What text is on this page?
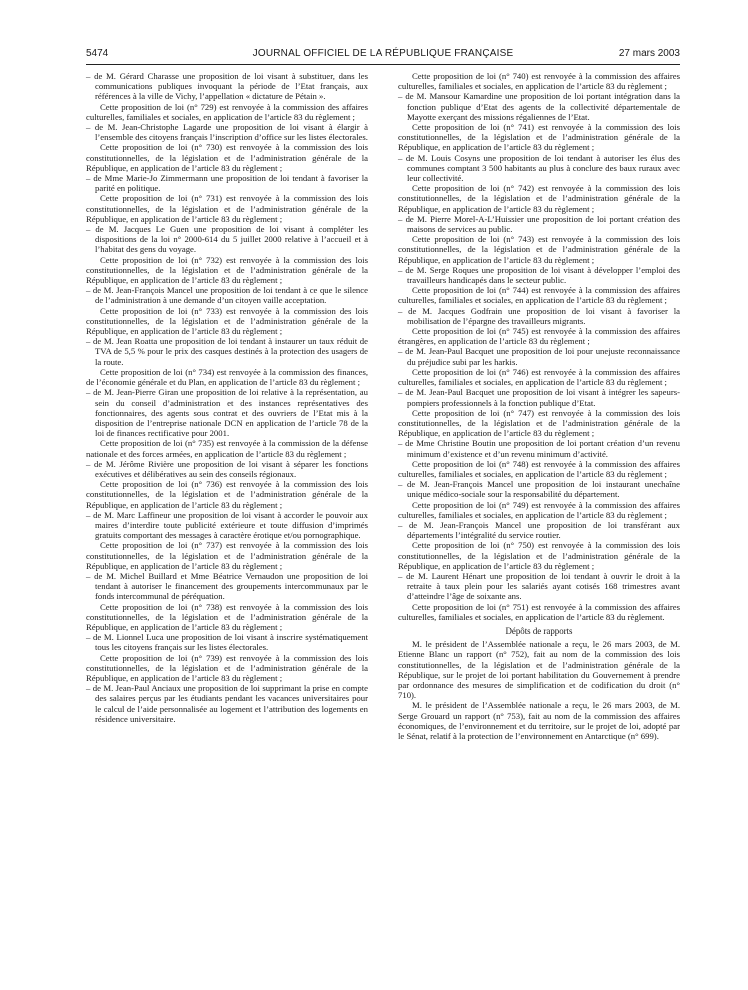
5474	JOURNAL OFFICIEL DE LA RÉPUBLIQUE FRANÇAISE	27 mars 2003

– de M. Gérard Charasse une proposition de loi visant à substituer, dans les communications publiques invoquant la période de l’Etat français, aux références à la ville de Vichy, l’appellation « dictature de Pétain ».

Cette proposition de loi (n° 729) est renvoyée à la commission des affaires culturelles, familiales et sociales, en application de l’article 83 du règlement ;

– de M. Jean-Christophe Lagarde une proposition de loi visant à élargir à l’ensemble des citoyens français l’inscription d’office sur les listes électorales.

Cette proposition de loi (n° 730) est renvoyée à la commission des lois constitutionnelles, de la législation et de l’administration générale de la République, en application de l’article 83 du règlement ;

– de Mme Marie-Jo Zimmermann une proposition de loi tendant à favoriser la parité en politique.

Cette proposition de loi (n° 731) est renvoyée à la commission des lois constitutionnelles, de la législation et de l’administration générale de la République, en application de l’article 83 du règlement ;

– de M. Jacques Le Guen une proposition de loi visant à compléter les dispositions de la loi n° 2000-614 du 5 juillet 2000 relative à l’accueil et à l’habitat des gens du voyage.

Cette proposition de loi (n° 732) est renvoyée à la commission des lois constitutionnelles, de la législation et de l’administration générale de la République, en application de l’article 83 du règlement ;

– de M. Jean-François Mancel une proposition de loi tendant à ce que le silence de l’administration à une demande d’un citoyen vaille acceptation.

Cette proposition de loi (n° 733) est renvoyée à la commission des lois constitutionnelles, de la législation et de l’administration générale de la République, en application de l’article 83 du règlement ;

– de M. Jean Roatta une proposition de loi tendant à instaurer un taux réduit de TVA de 5,5 % pour le prix des casques destinés à la protection des usagers de la route.

Cette proposition de loi (n° 734) est renvoyée à la commission des finances, de l’économie générale et du Plan, en application de l’article 83 du règlement ;

– de M. Jean-Pierre Giran une proposition de loi relative à la représentation, au sein du conseil d’administration et des instances représentatives des fonctionnaires, des agents sous contrat et des ouvriers de l’Etat mis à la disposition de l’entreprise nationale DCN en application de l’article 78 de la loi de finances rectificative pour 2001.

Cette proposition de loi (n° 735) est renvoyée à la commission de la défense nationale et des forces armées, en application de l’article 83 du règlement ;

– de M. Jérôme Rivière une proposition de loi visant à séparer les fonctions exécutives et délibératives au sein des conseils régionaux.

Cette proposition de loi (n° 736) est renvoyée à la commission des lois constitutionnelles, de la législation et de l’administration générale de la République, en application de l’article 83 du règlement ;

– de M. Marc Laffineur une proposition de loi visant à accorder le pouvoir aux maires d’interdire toute publicité extérieure et toute diffusion d’imprimés gratuits comportant des messages à caractère érotique et/ou pornographique.

Cette proposition de loi (n° 737) est renvoyée à la commission des lois constitutionnelles, de la législation et de l’administration générale de la République, en application de l’article 83 du règlement ;

– de M. Michel Buillard et Mme Béatrice Vernaudon une proposition de loi tendant à autoriser le financement des groupements intercommunaux par le fonds intercommunal de péréquation.

Cette proposition de loi (n° 738) est renvoyée à la commission des lois constitutionnelles, de la législation et de l’administration générale de la République, en application de l’article 83 du règlement ;

– de M. Lionnel Luca une proposition de loi visant à inscrire systématiquement tous les citoyens français sur les listes électorales.

Cette proposition de loi (n° 739) est renvoyée à la commission des lois constitutionnelles, de la législation et de l’administration générale de la République, en application de l’article 83 du règlement ;

– de M. Jean-Paul Anciaux une proposition de loi supprimant la prise en compte des salaires perçus par les étudiants pendant les vacances universitaires pour le calcul de l’aide personnalisée au logement et l’attribution des logements en résidence universitaire.

Cette proposition de loi (n° 740) est renvoyée à la commission des affaires culturelles, familiales et sociales, en application de l’article 83 du règlement ;

– de M. Mansour Kamardine une proposition de loi portant intégration dans la fonction publique d’Etat des agents de la collectivité départementale de Mayotte exerçant des missions régaliennes de l’Etat.

Cette proposition de loi (n° 741) est renvoyée à la commission des lois constitutionnelles, de la législation et de l’administration générale de la République, en application de l’article 83 du règlement ;

– de M. Louis Cosyns une proposition de loi tendant à autoriser les élus des communes comptant 3 500 habitants au plus à conclure des baux ruraux avec leur collectivité.

Cette proposition de loi (n° 742) est renvoyée à la commission des lois constitutionnelles, de la législation et de l’administration générale de la République, en application de l’article 83 du règlement ;

– de M. Pierre Morel-A-L’Huissier une proposition de loi portant création des maisons de services au public.

Cette proposition de loi (n° 743) est renvoyée à la commission des lois constitutionnelles, de la législation et de l’administration générale de la République, en application de l’article 83 du règlement ;

– de M. Serge Roques une proposition de loi visant à développer l’emploi des travailleurs handicapés dans le secteur public.

Cette proposition de loi (n° 744) est renvoyée à la commission des affaires culturelles, familiales et sociales, en application de l’article 83 du règlement ;

– de M. Jacques Godfrain une proposition de loi visant à favoriser la mobilisation de l’épargne des travailleurs migrants.

Cette proposition de loi (n° 745) est renvoyée à la commission des affaires étrangères, en application de l’article 83 du règlement ;

– de M. Jean-Paul Bacquet une proposition de loi pour unejuste reconnaissance du préjudice subi par les harkis.

Cette proposition de loi (n° 746) est renvoyée à la commission des affaires culturelles, familiales et sociales, en application de l’article 83 du règlement ;

– de M. Jean-Paul Bacquet une proposition de loi visant à intégrer les sapeurs-pompiers professionnels à la fonction publique d’Etat.

Cette proposition de loi (n° 747) est renvoyée à la commission des lois constitutionnelles, de la législation et de l’administration générale de la République, en application de l’article 83 du règlement ;

– de Mme Christine Boutin une proposition de loi portant création d’un revenu minimum d’existence et d’un revenu minimum d’activité.

Cette proposition de loi (n° 748) est renvoyée à la commission des affaires culturelles, familiales et sociales, en application de l’article 83 du règlement ;

– de M. Jean-François Mancel une proposition de loi instaurant unechaîne unique médico-sociale sour la responsabilité du département.

Cette proposition de loi (n° 749) est renvoyée à la commission des affaires culturelles, familiales et sociales, en application de l’article 83 du règlement ;

– de M. Jean-François Mancel une proposition de loi transférant aux départements l’intégralité du service routier.

Cette proposition de loi (n° 750) est renvoyée à la commission des lois constitutionnelles, de la législation et de l’administration générale de la République, en application de l’article 83 du règlement ;

– de M. Laurent Hénart une proposition de loi tendant à ouvrir le droit à la retraite à taux plein pour les salariés ayant cotisés 168 trimestres avant d’atteindre l’âge de soixante ans.

Cette proposition de loi (n° 751) est renvoyée à la commission des affaires culturelles, familiales et sociales, en application de l’article 83 du règlement.

Dépôts de rapports

M. le président de l’Assemblée nationale a reçu, le 26 mars 2003, de M. Etienne Blanc un rapport (n° 752), fait au nom de la commission des lois constitutionnelles, de la législation et de l’administration générale de la République, sur le projet de loi portant habilitation du Gouvernement à prendre par ordonnance des mesures de simplification et de codification du droit (n° 710).

M. le président de l’Assemblée nationale a reçu, le 26 mars 2003, de M. Serge Grouard un rapport (n° 753), fait au nom de la commission des affaires économiques, de l’environnement et du territoire, sur le projet de loi, adopté par le Sénat, relatif à la protection de l’environnement en Antarctique (n° 699).
